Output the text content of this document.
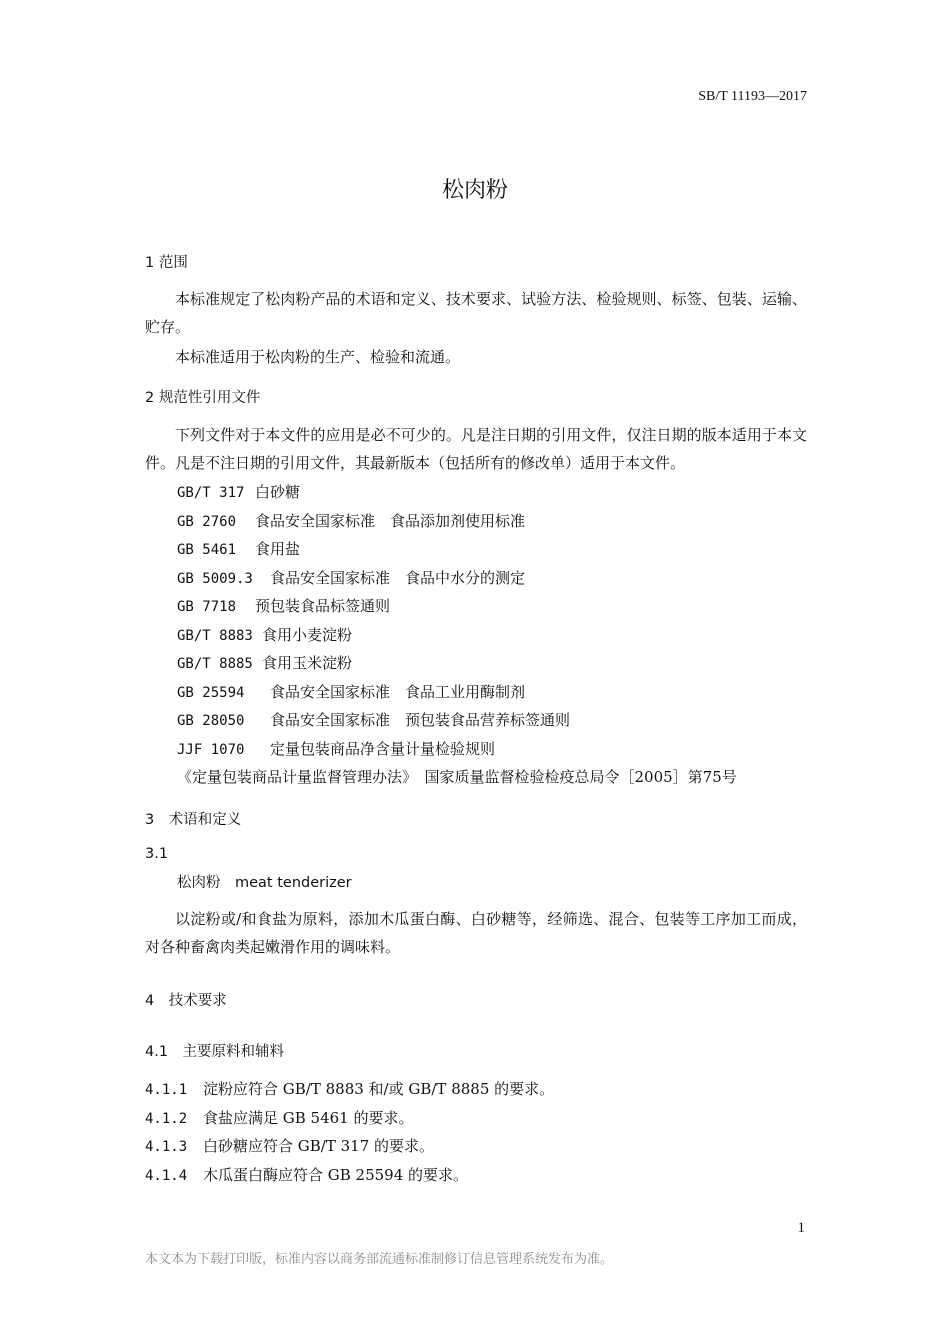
SB/T 11193—2017
松肉粉
1 范围
本标准规定了松肉粉产品的术语和定义、技术要求、试验方法、检验规则、标签、包装、运输、贮存。
本标准适用于松肉粉的生产、检验和流通。
2 规范性引用文件
下列文件对于本文件的应用是必不可少的。凡是注日期的引用文件，仅注日期的版本适用于本文件。凡是不注日期的引用文件，其最新版本（包括所有的修改单）适用于本文件。
GB/T 317 白砂糖
GB 2760 食品安全国家标准　食品添加剂使用标准
GB 5461 食用盐
GB 5009.3 食品安全国家标准　食品中水分的测定
GB 7718 预包装食品标签通则
GB/T 8883 食用小麦淀粉
GB/T 8885 食用玉米淀粉
GB 25594 食品安全国家标准　食品工业用酶制剂
GB 28050 食品安全国家标准　预包装食品营养标签通则
JJF 1070 定量包装商品净含量计量检验规则
《定量包装商品计量监督管理办法》　国家质量监督检验检疫总局令［2005］第75号
3　术语和定义
3.1
松肉粉　meat tenderizer
以淀粉或/和食盐为原料，添加木瓜蛋白酶、白砂糖等，经筛选、混合、包装等工序加工而成，对各种畜禽肉类起嫩滑作用的调味料。
4　技术要求
4.1　主要原料和辅料
4.1.1 淀粉应符合 GB/T 8883 和/或 GB/T 8885 的要求。
4.1.2 食盐应满足 GB 5461 的要求。
4.1.3 白砂糖应符合 GB/T 317 的要求。
4.1.4 木瓜蛋白酶应符合 GB 25594 的要求。
1
本文本为下载打印版，标准内容以商务部流通标准制修订信息管理系统发布为准。
